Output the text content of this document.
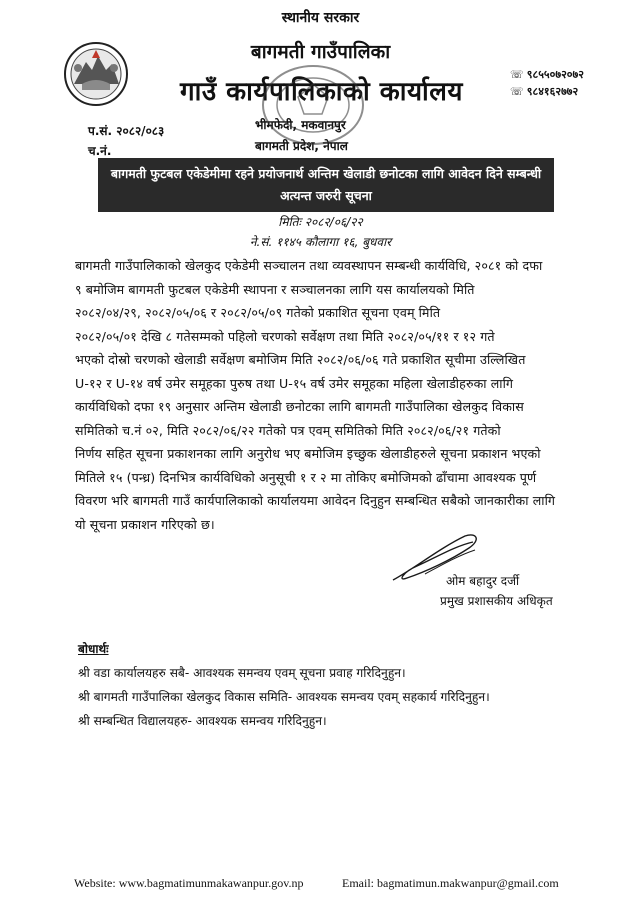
स्थानीय सरकार
बागमती गाउँपालिका
गाउँ कार्यपालिकाको कार्यालय
भीमफेदी, मकवानपुर
बागमती प्रदेश, नेपाल
☏ ९८५५०७२०७२
☏ ९८४१६२७७२
प.सं. २०८२/०८३
च.नं.
बागमती फुटबल एकेडेमीमा रहने प्रयोजनार्थ अन्तिम खेलाडी छनोटका लागि आवेदन दिने सम्बन्धी
अत्यन्त जरुरी सूचना
मितिः २०८२/०६/२२
ने.सं. ११४५ कौलागा १६, बुधवार
बागमती गाउँपालिकाको खेलकुद एकेडेमी सञ्चालन तथा व्यवस्थापन सम्बन्धी कार्यविधि, २०८१ को दफा
९ बमोजिम बागमती फुटबल एकेडेमी स्थापना र सञ्चालनका लागि यस कार्यालयको मिति
२०८२/०४/२९, २०८२/०५/०६ र २०८२/०५/०९ गतेको प्रकाशित सूचना एवम् मिति
२०८२/०५/०१ देखि ८ गतेसम्मको पहिलो चरणको सर्वेक्षण तथा मिति २०८२/०५/११ र १२ गते
भएको दोस्रो चरणको खेलाडी सर्वेक्षण बमोजिम मिति २०८२/०६/०६ गते प्रकाशित सूचीमा उल्लिखित
U-१२ र U-१४ वर्ष उमेर समूहका पुरुष तथा U-१५ वर्ष उमेर समूहका महिला खेलाडीहरुका लागि
कार्यविधिको दफा १९ अनुसार अन्तिम खेलाडी छनोटका लागि बागमती गाउँपालिका खेलकुद विकास
समितिको च.नं ०२, मिति २०८२/०६/२२ गतेको पत्र एवम् समितिको मिति २०८२/०६/२१ गतेको
निर्णय सहित सूचना प्रकाशनका लागि अनुरोध भए बमोजिम इच्छुक खेलाडीहरुले सूचना प्रकाशन भएको
मितिले १५ (पन्ध्र) दिनभित्र कार्यविधिको अनुसूची १ र २ मा तोकिए बमोजिमको ढाँचामा आवश्यक पूर्ण
विवरण भरि बागमती गाउँ कार्यपालिकाको कार्यालयमा आवेदन दिनुहुन सम्बन्धित सबैको जानकारीका लागि
यो सूचना प्रकाशन गरिएको छ।
ओम बहादुर दर्जी
प्रमुख प्रशासकीय अधिकृत
बोधार्थः
श्री वडा कार्यालयहरु सबै- आवश्यक समन्वय एवम् सूचना प्रवाह गरिदिनुहुन।
श्री बागमती गाउँपालिका खेलकुद विकास समिति- आवश्यक समन्वय एवम् सहकार्य गरिदिनुहुन।
श्री सम्बन्धित विद्यालयहरु- आवश्यक समन्वय गरिदिनुहुन।
Website: www.bagmatimunmakawanpur.gov.np	Email: bagmatimun.makwanpur@gmail.com
